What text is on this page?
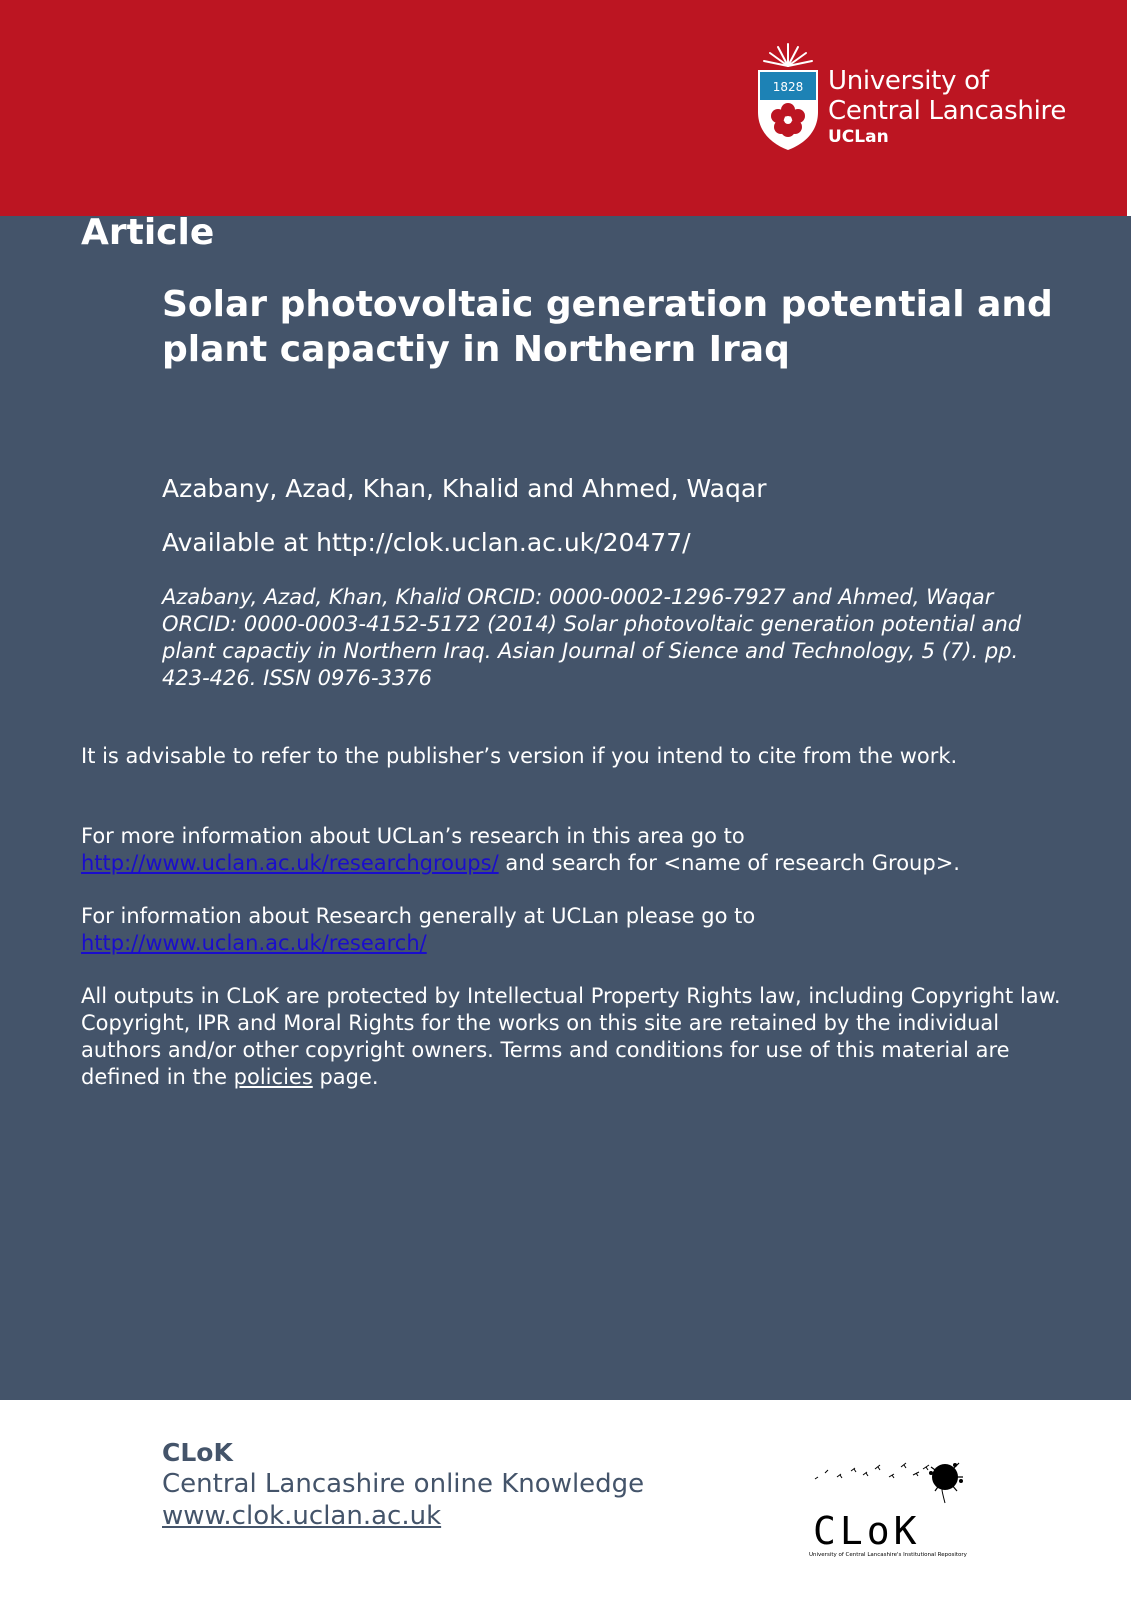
1828 University of
Central Lancashire
UCLan
Article
Solar photovoltaic generation potential and plant capactiy in Northern Iraq
Azabany, Azad, Khan, Khalid and Ahmed, Waqar
Available at http://clok.uclan.ac.uk/20477/
Azabany, Azad, Khan, Khalid ORCID: 0000-0002-1296-7927 and Ahmed, Waqar ORCID: 0000-0003-4152-5172 (2014) Solar photovoltaic generation potential and plant capactiy in Northern Iraq. Asian Journal of Sience and Technology, 5 (7). pp. 423-426. ISSN 0976-3376
It is advisable to refer to the publisher’s version if you intend to cite from the work.
For more information about UCLan’s research in this area go to
http://www.uclan.ac.uk/researchgroups/ and search for <name of research Group>.
For information about Research generally at UCLan please go to
http://www.uclan.ac.uk/research/
All outputs in CLoK are protected by Intellectual Property Rights law, including Copyright law. Copyright, IPR and Moral Rights for the works on this site are retained by the individual authors and/or other copyright owners. Terms and conditions for use of this material are defined in the policies page.
CLoK
Central Lancashire online Knowledge
www.clok.uclan.ac.uk	CLoK
University of Central Lancashire's Institutional Repository
